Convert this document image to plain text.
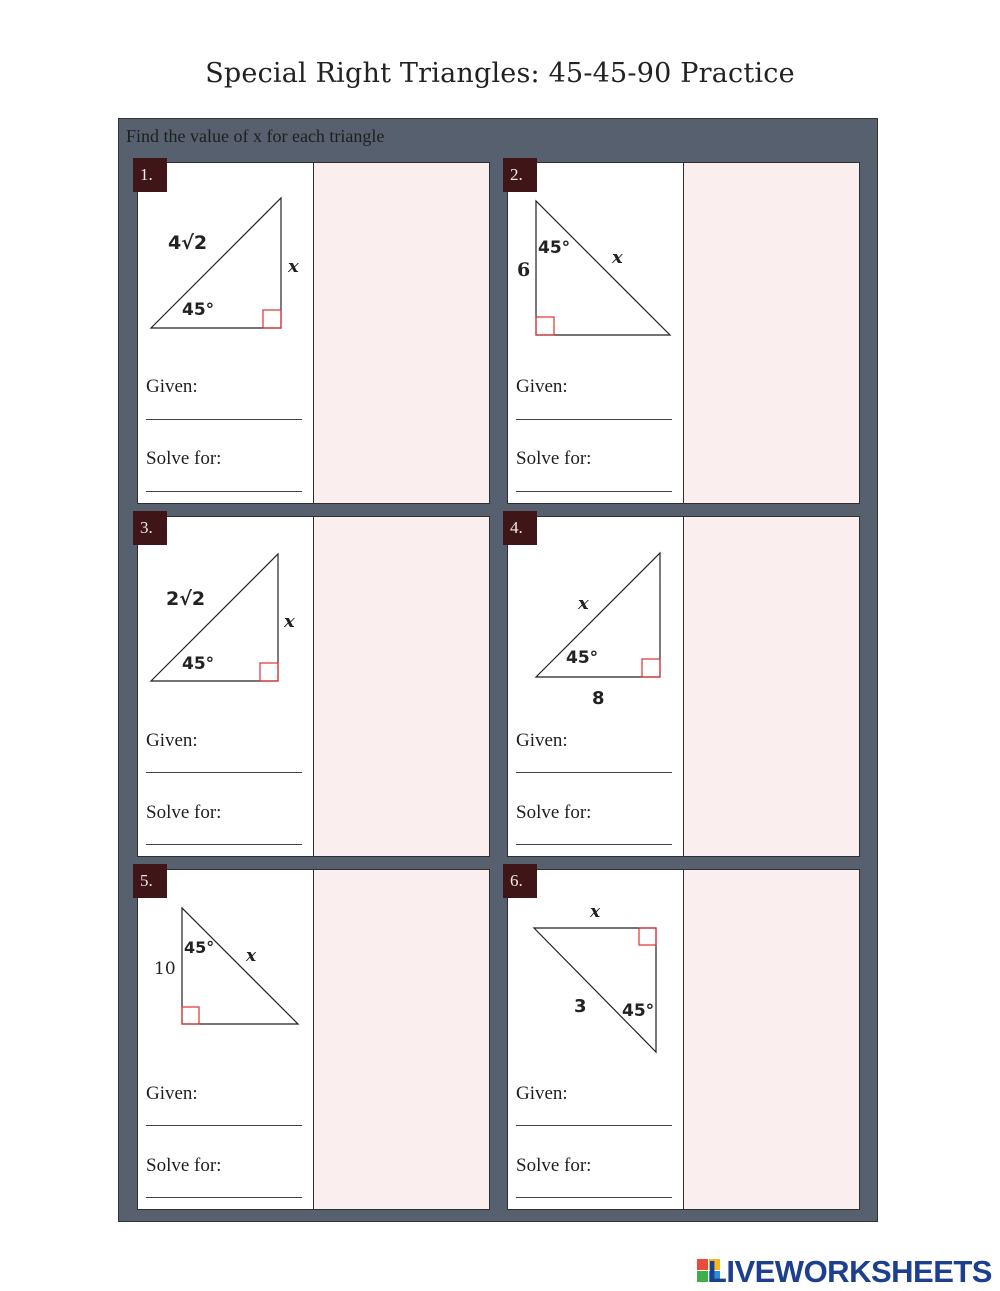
Special Right Triangles: 45-45-90 Practice
Find the value of x for each triangle
4√2
x
45°
Given:
Solve for:
1.
45° x
6
Given:
Solve for:
2.
2√2
x
45°
Given:
Solve for:
3.
x
45°
8
Given:
Solve for:
4.
45° x
10
Given:
Solve for:
5.
x
3 45°
Given:
Solve for:
6.
LIVEWORKSHEETS
